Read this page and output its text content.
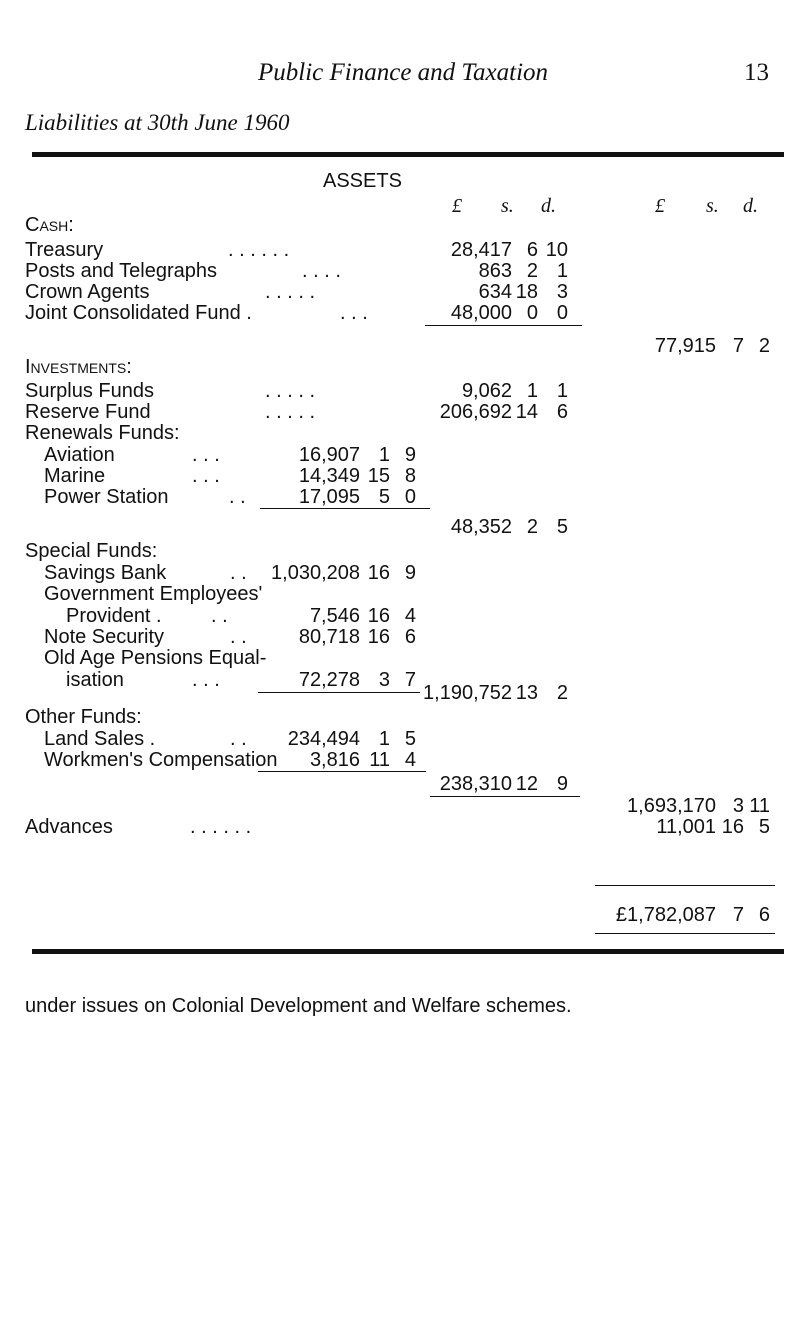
Public Finance and Taxation	13
Liabilities at 30th June 1960
ASSETS
£ s. d.	£ s. d.
Cash:
Treasury	. . . . . .	28,417 6 10
Posts and Telegraphs	. . . .	863 2 1
Crown Agents	. . . . .	634 18 3
Joint Consolidated Fund .	. . .	48,000 0 0
77,915 7 2
Investments:
Surplus Funds	. . . . .	9,062 1 1
Reserve Fund	. . . . .	206,692 14 6
Renewals Funds:
Aviation	. . .	16,907 1 9
Marine	. . .	14,349 15 8
Power Station	. .	17,095 5 0
48,352 2 5
Special Funds:
Savings Bank	. .	1,030,208 16 9
Government Employees'
Provident . . .	7,546 16 4
Note Security	. .	80,718 16 6
Old Age Pensions Equal-
isation	. . .	72,278 3 7
1,190,752 13 2
Other Funds:
Land Sales .	. .	234,494 1 5
Workmen's Compensation	3,816 11 4
238,310 12 9
1,693,170 3 11
Advances	. . . . . .	11,001 16 5
£1,782,087 7 6
under issues on Colonial Development and Welfare schemes.
